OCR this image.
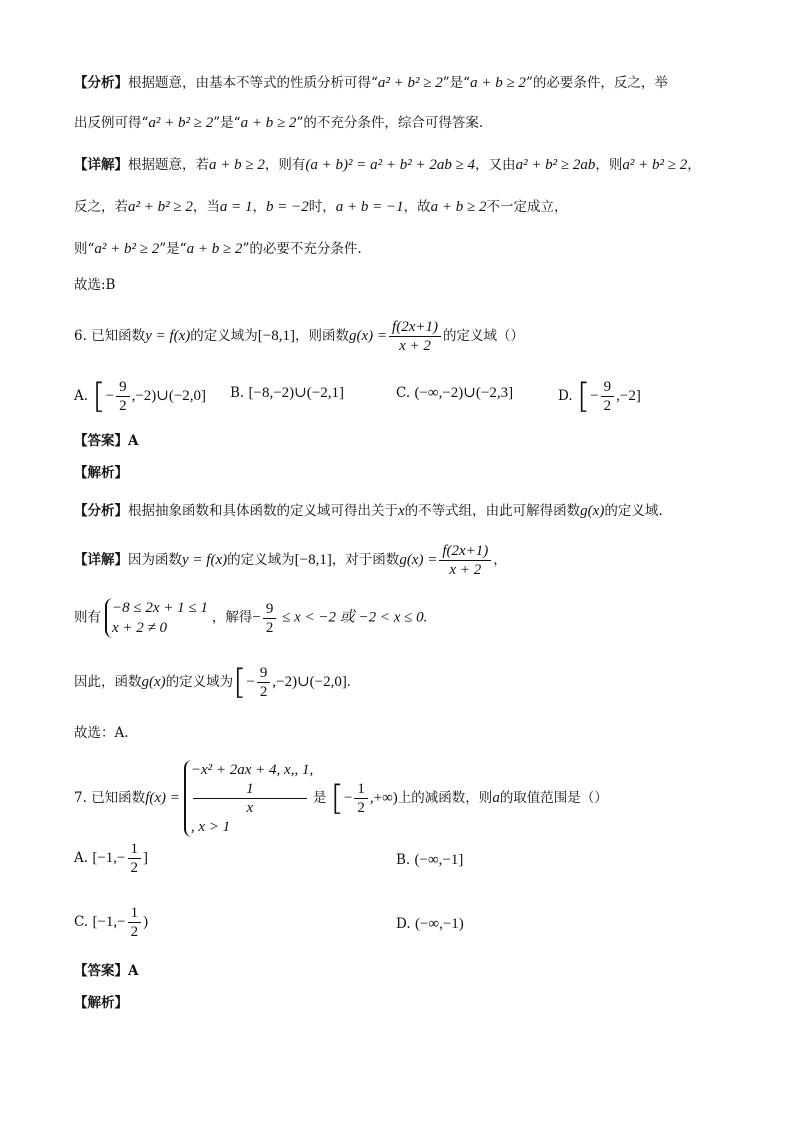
【分析】根据题意，由基本不等式的性质分析可得“a² + b² ≥ 2”是“a + b ≥ 2”的必要条件，反之，举
出反例可得“a² + b² ≥ 2”是“a + b ≥ 2”的不充分条件，综合可得答案.
【详解】根据题意，若a + b ≥ 2，则有(a + b)² = a² + b² + 2ab ≥ 4，又由a² + b² ≥ 2ab，则a² + b² ≥ 2，
反之，若a² + b² ≥ 2，当a = 1，b = −2时，a + b = −1，故a + b ≥ 2不一定成立，
则“a² + b² ≥ 2”是“a + b ≥ 2”的必要不充分条件.
故选:B
6. 已知函数y = f(x)的定义域为[−8,1]，则函数$g(x) = \frac{f(2x+1)}{x + 2}$ 的定义域（）
A. [− $\frac{9}{2}$ ,−2)∪(−2,0] B. [−8,−2)∪(−2,1]	C. (−∞,−2)∪(−2,3]	D. [− $\frac{9}{2} ,-2$]
【答案】A
【解析】
【分析】根据抽象函数和具体函数的定义域可得出关于x的不等式组，由此可解得函数g(x)的定义域.
【详解】因为函数y = f(x)的定义域为[−8,1]，对于函数$g(x) = \frac{f(2x+1)}{x + 2}$ ，
则有
−8 ≤ 2x + 1 ≤ 1
x + 2 ≠ 0
，解得− $\frac{9}{2} \le x < -2$ 或 −2 < x ≤ 0.
因此，函数g(x)的定义域为[− $\frac{9}{2}$ ,−2)∪(−2,0].
故选：A.
7. 已知函数f(x) =
−x² + 2ax + 4, x,, 1,
1
x
, x > 1
是 [− $\frac{1}{2}$ ,+∞)上的减函数，则a的取值范围是（）
A. [$-1,- \frac{1}{2}$ ]	B. (−∞,−1]
C. [$-1,- \frac{1}{2}$ )	D. (−∞,−1)
【答案】A
【解析】
